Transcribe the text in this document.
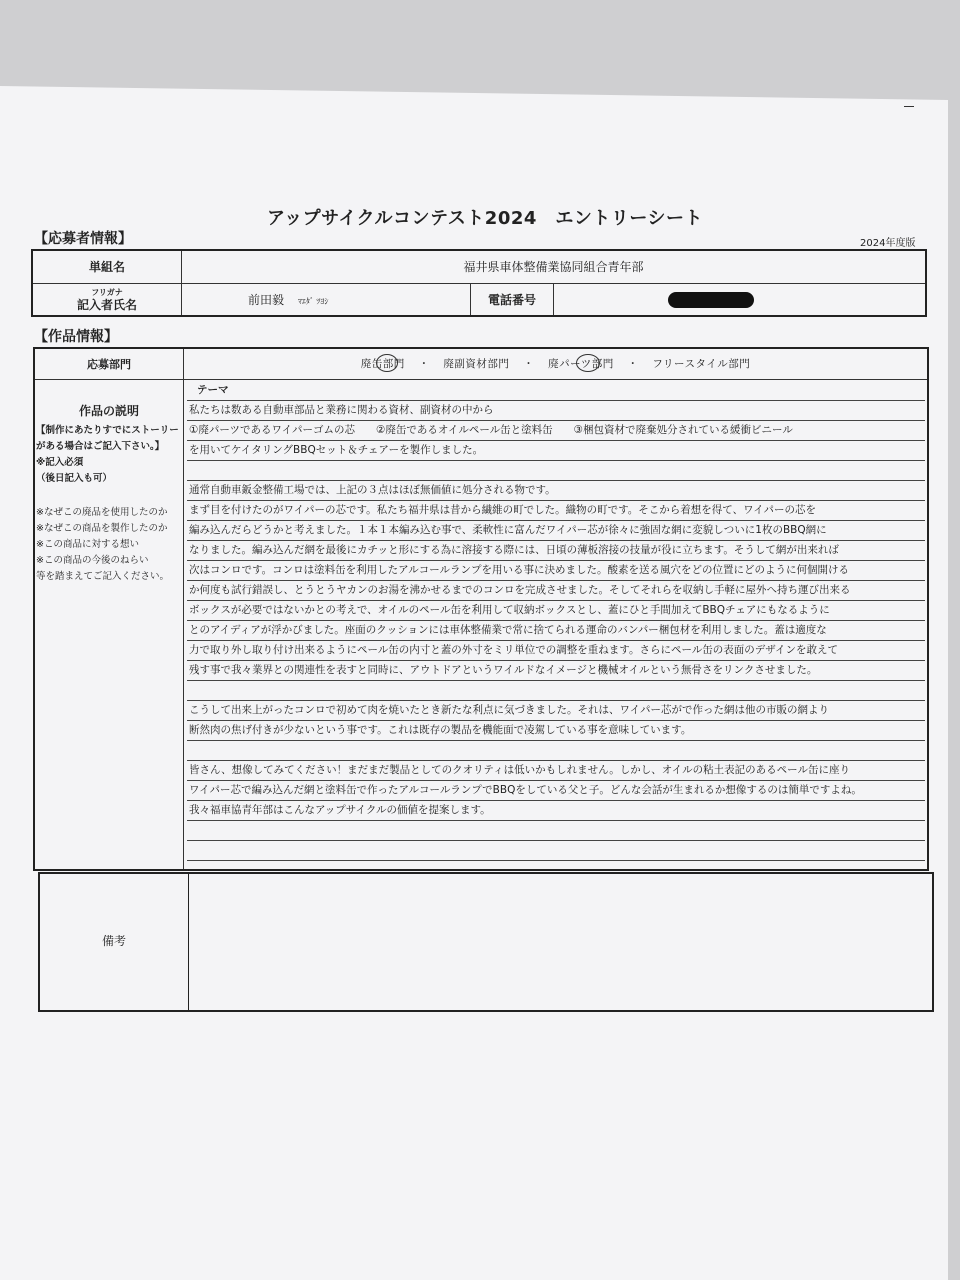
アップサイクルコンテスト2024　エントリーシート
【応募者情報】	2024年度版
単組名	福井県車体整備業協同組合青年部		

フリガナ
記入者氏名	前田毅 ﾏｴﾀﾞ ﾂﾖｼ	電話番号	
【作品情報】
応募部門	廃缶部門 ・ 廃副資材部門 ・ 廃パーツ部門 ・ フリースタイル部門

作品の説明
【制作にあたりすでにストーリーがある場合はご記入下さい。】
※記入必須
（後日記入も可）
※なぜこの廃品を使用したのか
※なぜこの商品を製作したのか
※この商品に対する想い
※この商品の今後のねらい
等を踏まえてご記入ください。
テーマ
私たちは数ある自動車部品と業務に関わる資材、副資材の中から
①廃パーツであるワイパーゴムの芯　　②廃缶であるオイルペール缶と塗料缶　　③梱包資材で廃棄処分されている緩衝ビニール
を用いてケイタリングBBQセット＆チェアーを製作しました。
通常自動車鈑金整備工場では、上記の３点はほぼ無価値に処分される物です。
まず目を付けたのがワイパーの芯です。私たち福井県は昔から繊維の町でした。織物の町です。そこから着想を得て、ワイパーの芯を
編み込んだらどうかと考えました。１本１本編み込む事で、柔軟性に富んだワイパー芯が徐々に強固な網に変貌しついに1枚のBBQ網に
なりました。編み込んだ網を最後にカチッと形にする為に溶接する際には、日頃の薄板溶接の技量が役に立ちます。そうして網が出来れば
次はコンロです。コンロは塗料缶を利用したアルコールランプを用いる事に決めました。酸素を送る風穴をどの位置にどのように何個開ける
か何度も試行錯誤し、とうとうヤカンのお湯を沸かせるまでのコンロを完成させました。そしてそれらを収納し手軽に屋外へ持ち運び出来る
ボックスが必要ではないかとの考えで、オイルのペール缶を利用して収納ボックスとし、蓋にひと手間加えてBBQチェアにもなるように
とのアイディアが浮かびました。座面のクッションには車体整備業で常に捨てられる運命のバンパー梱包材を利用しました。蓋は適度な
力で取り外し取り付け出来るようにペール缶の内寸と蓋の外寸をミリ単位での調整を重ねます。さらにペール缶の表面のデザインを敢えて
残す事で我々業界との関連性を表すと同時に、アウトドアというワイルドなイメージと機械オイルという無骨さをリンクさせました。
こうして出来上がったコンロで初めて肉を焼いたとき新たな利点に気づきました。それは、ワイパー芯がで作った網は他の市販の網より
断然肉の焦げ付きが少ないという事です。これは既存の製品を機能面で凌駕している事を意味しています。
皆さん、想像してみてください！まだまだ製品としてのクオリティは低いかもしれません。しかし、オイルの粘土表記のあるペール缶に座り
ワイパー芯で編み込んだ網と塗料缶で作ったアルコールランプでBBQをしている父と子。どんな会話が生まれるか想像するのは簡単ですよね。
我々福車協青年部はこんなアップサイクルの価値を提案します。
備考
